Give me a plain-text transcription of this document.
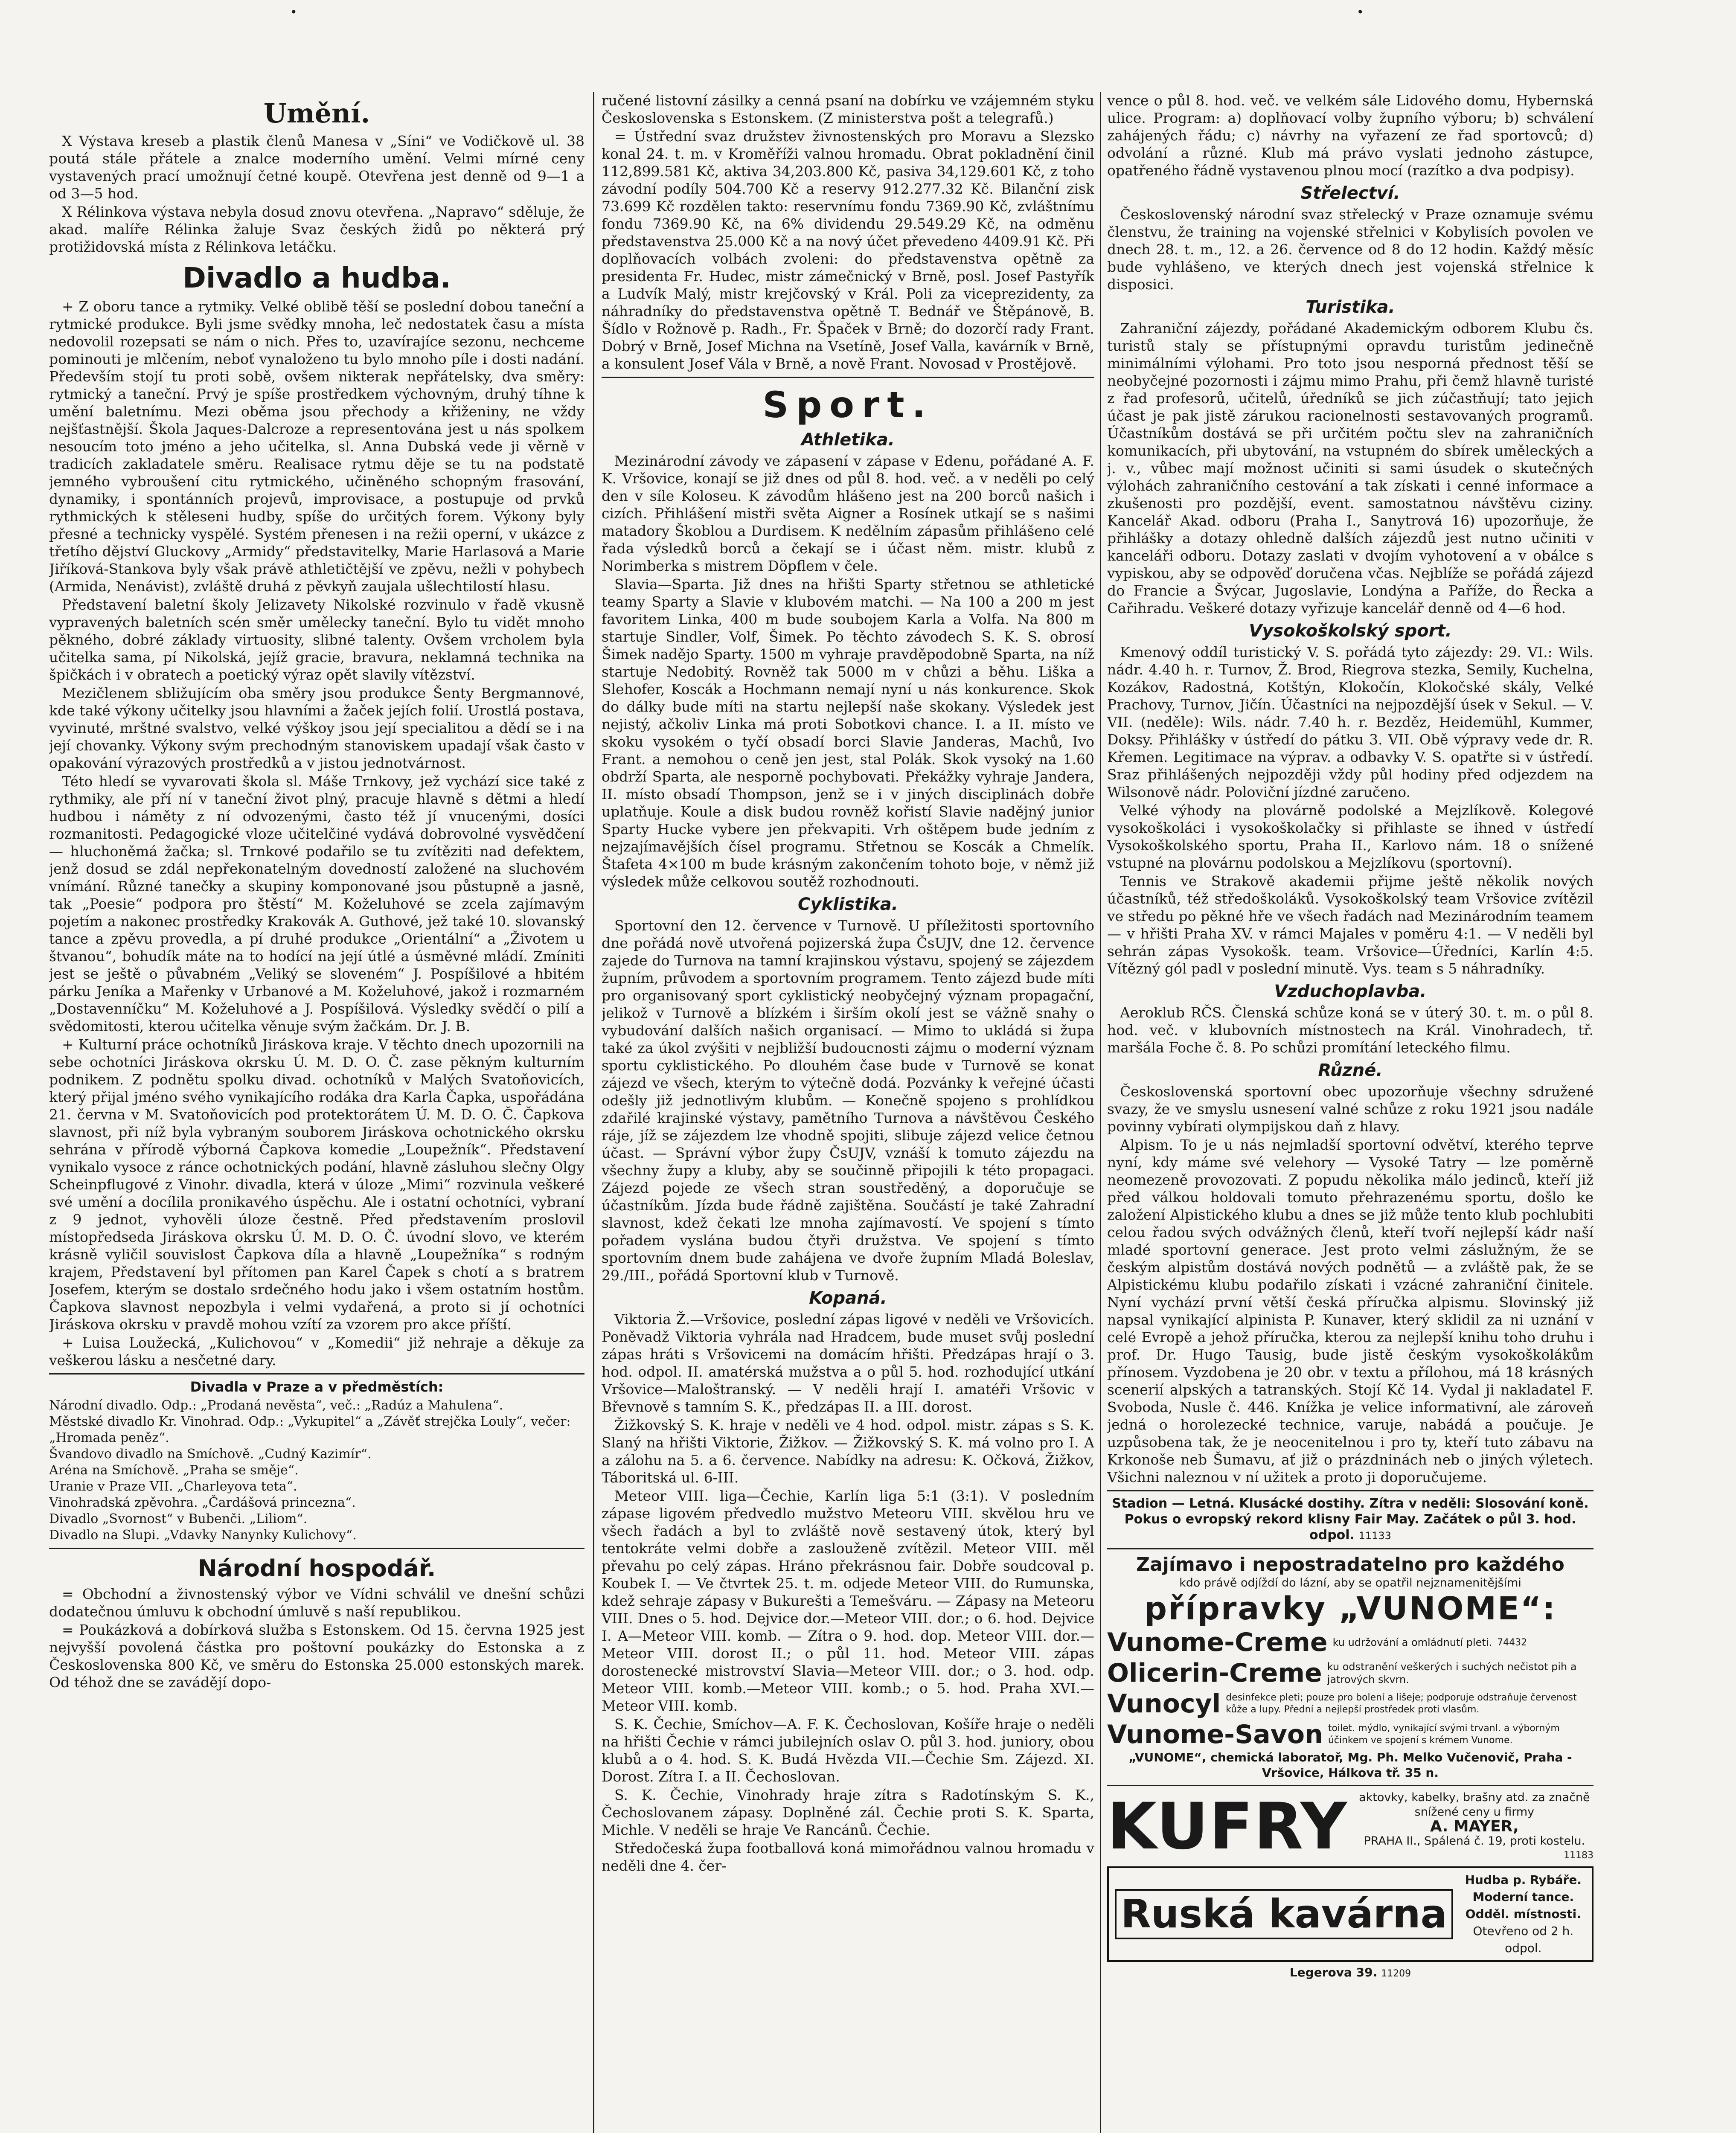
•	•
Umění.

X Výstava kreseb a plastik členů Manesa v „Síni“ ve Vodičkově ul. 38 poutá stále přátele a znalce moderního umění. Velmi mírné ceny vystavených prací umožnují četné koupě. Otevřena jest denně od 9—1 a od 3—5 hod.

X Rélinkova výstava nebyla dosud znovu otevřena. „Napravo“ sděluje, že akad. malíře Rélinka žaluje Svaz českých židů po některá prý protižidovská místa z Rélinkova letáčku.

Divadlo a hudba.

+ Z oboru tance a rytmiky. Velké oblibě těší se poslední dobou taneční a rytmické produkce. Byli jsme svědky mnoha, leč nedostatek času a místa nedovolil rozepsati se nám o nich. Přes to, uzavírajíce sezonu, nechceme pominouti je mlčením, neboť vynaloženo tu bylo mnoho píle i dosti nadání. Především stojí tu proti sobě, ovšem nikterak nepřátelsky, dva směry: rytmický a taneční. Prvý je spíše prostředkem výchovným, druhý tíhne k umění baletnímu. Mezi oběma jsou přechody a křiženiny, ne vždy nejšťastnější. Škola Jaques-Dalcroze a representována jest u nás spolkem nesoucím toto jméno a jeho učitelka, sl. Anna Dubská vede ji věrně v tradicích zakladatele směru. Realisace rytmu děje se tu na podstatě jemného vybroušení citu rytmického, učiněného schopným frasování, dynamiky, i spontánních projevů, improvisace, a postupuje od prvků rythmických k stěleseni hudby, spíše do určitých forem. Výkony byly přesné a technicky vyspělé. Systém přenesen i na režii operní, v ukázce z třetího dějství Gluckovy „Armidy“ představitelky, Marie Harlasová a Marie Jiříková-Stankova byly však právě athletičtější ve zpěvu, nežli v pohybech (Armida, Nenávist), zvláště druhá z pěvkyň zaujala ušlechtilostí hlasu.

Představení baletní školy Jelizavety Nikolské rozvinulo v řadě vkusně vypravených baletních scén směr umělecky taneční. Bylo tu vidět mnoho pěkného, dobré základy virtuosity, slibné talenty. Ovšem vrcholem byla učitelka sama, pí Nikolská, jejíž gracie, bravura, neklamná technika na špičkách i v obratech a poetický výraz opět slavily vítězství.

Mezičlenem sbližujícím oba směry jsou produkce Šenty Bergmannové, kde také výkony učitelky jsou hlavními a žaček jejích folií. Urostlá postava, vyvinuté, mrštné svalstvo, velké výškoy jsou její specialitou a dědí se i na její chovanky. Výkony svým prechodným stanoviskem upadají však často v opakování výrazových prostředků a v jistou jednotvárnost.

Této hledí se vyvarovati škola sl. Máše Trnkovy, jež vychází sice také z rythmiky, ale pří ní v taneční život plný, pracuje hlavně s dětmi a hledí hudbou i náměty z ní odvozenými, často též jí vnucenými, dosíci rozmanitosti. Pedagogické vloze učitelčiné vydává dobrovolné vysvědčení — hluchoněmá žačka; sl. Trnkové podařilo se tu zvítěziti nad defektem, jenž dosud se zdál nepřekonatelným dovedností založené na sluchovém vnímání. Různé tanečky a skupiny komponované jsou půstupně a jasně, tak „Poesie“ podpora pro štěstí“ M. Koželuhové se zcela zajímavým pojetím a nakonec prostředky Krakovák A. Guthové, jež také 10. slovanský tance a zpěvu provedla, a pí druhé produkce „Orientální“ a „Životem u štvanou“, bohudík máte na to hodící na její útlé a úsměvné mládí. Zmíniti jest se ještě o půvabném „Veliký se sloveném“ J. Pospíšilové a hbitém párku Jeníka a Mařenky v Urbanové a M. Koželuhové, jakož i rozmarném „Dostavenníčku“ M. Koželuhové a J. Pospíšilová. Výsledky svědčí o pilí a svědomitosti, kterou učitelka věnuje svým žačkám. Dr. J. B.

+ Kulturní práce ochotníků Jiráskova kraje. V těchto dnech upozornili na sebe ochotníci Jiráskova okrsku Ú. M. D. O. Č. zase pěkným kulturním podnikem. Z podnětu spolku divad. ochotníků v Malých Svatoňovicích, který přijal jméno svého vynikajícího rodáka dra Karla Čapka, uspořádána 21. června v M. Svatoňovicích pod protektorátem Ú. M. D. O. Č. Čapkova slavnost, při níž byla vybraným souborem Jiráskova ochotnického okrsku sehrána v přírodě výborná Čapkova komedie „Loupežník“. Představení vynikalo vysoce z ránce ochotnických podání, hlavně zásluhou slečny Olgy Scheinpflugové z Vinohr. divadla, která v úloze „Mimi“ rozvinula veškeré své umění a docílila pronikavého úspěchu. Ale i ostatní ochotníci, vybraní z 9 jednot, vyhověli úloze čestně. Před představením proslovil místopředseda Jiráskova okrsku Ú. M. D. O. Č. úvodní slovo, ve kterém krásně vyličil souvislost Čapkova díla a hlavně „Loupežníka“ s rodným krajem, Představení byl přítomen pan Karel Čapek s chotí a s bratrem Josefem, kterým se dostalo srdečného hodu jako i všem ostatním hostům. Čapkova slavnost nepozbyla i velmi vydařená, a proto si jí ochotníci Jiráskova okrsku v pravdě mohou vzítí za vzorem pro akce příští.

+ Luisa Loužecká, „Kulichovou“ v „Komedii“ již nehraje a děkuje za veškerou lásku a nesčetné dary.

Divadla v Praze a v předměstích:

Národní divadlo. Odp.: „Prodaná nevěsta“, več.: „Radúz a Mahulena“.

Městské divadlo Kr. Vinohrad. Odp.: „Vykupitel“ a „Závěť strejčka Louly“, večer: „Hromada peněz“.

Švandovo divadlo na Smíchově. „Cudný Kazimír“.

Aréna na Smíchově. „Praha se směje“.

Uranie v Praze VII. „Charleyova teta“.

Vinohradská zpěvohra. „Čardášová princezna“.

Divadlo „Svornost“ v Bubenči. „Liliom“.

Divadlo na Slupi. „Vdavky Nanynky Kulichovy“.

Národní hospodář.

= Obchodní a živnostenský výbor ve Vídni schválil ve dnešní schůzi dodatečnou úmluvu k obchodní úmluvě s naší republikou.

= Poukázková a dobírková služba s Estonskem. Od 15. června 1925 jest nejvyšší povolená částka pro poštovní poukázky do Estonska a z Československa 800 Kč, ve směru do Estonska 25.000 estonských marek. Od téhož dne se zavádějí dopo-

ručené listovní zásilky a cenná psaní na dobírku ve vzájemném styku Československa s Estonskem. (Z ministerstva pošt a telegrafů.)

= Ústřední svaz družstev živnostenských pro Moravu a Slezsko konal 24. t. m. v Kroměříži valnou hromadu. Obrat pokladnění činil 112,899.581 Kč, aktiva 34,203.800 Kč, pasiva 34,129.601 Kč, z toho závodní podíly 504.700 Kč a reservy 912.277.32 Kč. Bilanční zisk 73.699 Kč rozdělen takto: reservnímu fondu 7369.90 Kč, zvláštnímu fondu 7369.90 Kč, na 6% dividendu 29.549.29 Kč, na odměnu představenstva 25.000 Kč a na nový účet převedeno 4409.91 Kč. Při doplňovacích volbách zvoleni: do představenstva opětně za presidenta Fr. Hudec, mistr zámečnický v Brně, posl. Josef Pastyřík a Ludvík Malý, mistr krejčovský v Král. Poli za viceprezidenty, za náhradníky do představenstva opětně T. Bednář ve Štěpánově, B. Šídlo v Rožnově p. Radh., Fr. Špaček v Brně; do dozorčí rady Frant. Dobrý v Brně, Josef Michna na Vsetíně, Josef Valla, kavárník v Brně, a konsulent Josef Vála v Brně, a nově Frant. Novosad v Prostějově.

Sport.
Athletika.

Mezinárodní závody ve zápasení v zápase v Edenu, pořádané A. F. K. Vršovice, konají se již dnes od půl 8. hod. več. a v neděli po celý den v síle Koloseu. K závodům hlášeno jest na 200 borců našich i cizích. Přihlášení mistři světa Aigner a Rosínek utkají se s našimi matadory Škoblou a Durdisem. K nedělním zápasům přihlášeno celé řada výsledků borců a čekají se i účast něm. mistr. klubů z Norimberka s mistrem Döpflem v čele.

Slavia—Sparta. Již dnes na hřišti Sparty střetnou se athletické teamy Sparty a Slavie v klubovém matchi. — Na 100 a 200 m jest favoritem Linka, 400 m bude soubojem Karla a Volfa. Na 800 m startuje Sindler, Volf, Šimek. Po těchto závodech S. K. S. obrosí Šimek nadějo Sparty. 1500 m vyhraje pravděpodobně Sparta, na níž startuje Nedobitý. Rovněž tak 5000 m v chůzi a běhu. Liška a Slehofer, Koscák a Hochmann nemají nyní u nás konkurence. Skok do dálky bude míti na startu nejlepší naše skokany. Výsledek jest nejistý, ačkoliv Linka má proti Sobotkovi chance. I. a II. místo ve skoku vysokém o tyčí obsadí borci Slavie Janderas, Machů, Ivo Frant. a nemohou o ceně jen jest, stal Polák. Skok vysoký na 1.60 obdrží Sparta, ale nesporně pochybovati. Překážky vyhraje Jandera, II. místo obsadí Thompson, jenž se i v jiných disciplinách dobře uplatňuje. Koule a disk budou rovněž kořistí Slavie nadějný junior Sparty Hucke vybere jen překvapiti. Vrh oštěpem bude jedním z nejzajímavějších čísel programu. Střetnou se Koscák a Chmelík. Štafeta 4×100 m bude krásným zakončením tohoto boje, v němž již výsledek může celkovou soutěž rozhodnouti.

Cyklistika.

Sportovní den 12. července v Turnově. U příležitosti sportovního dne pořádá nově utvořená pojizerská župa ČsUJV, dne 12. července zajede do Turnova na tamní krajinskou výstavu, spojený se zájezdem župním, průvodem a sportovním programem. Tento zájezd bude míti pro organisovaný sport cyklistický neobyčejný význam propagační, jelikož v Turnově a blízkém i širším okolí jest se vážně snahy o vybudování dalších našich organisací. — Mimo to ukládá si župa také za úkol zvýšiti v nejbližší budoucnosti zájmu o moderní význam sportu cyklistického. Po dlouhém čase bude v Turnově se konat zájezd ve všech, kterým to výtečně dodá. Pozvánky k veřejné účasti odešly již jednotlivým klubům. — Konečně spojeno s prohlídkou zdařilé krajinské výstavy, pamětního Turnova a návštěvou Českého ráje, jíž se zájezdem lze vhodně spojiti, slibuje zájezd velice četnou účast. — Správní výbor župy ČsUJV, vznáší k tomuto zájezdu na všechny župy a kluby, aby se součinně připojili k této propagaci. Zájezd pojede ze všech stran soustředěný, a doporučuje se účastníkům. Jízda bude řádně zajištěna. Součástí je také Zahradní slavnost, kdež čekati lze mnoha zajímavostí. Ve spojení s tímto pořadem vyslána budou čtyři družstva. Ve spojení s tímto sportovním dnem bude zahájena ve dvoře župním Mladá Boleslav, 29./III., pořádá Sportovní klub v Turnově.

Kopaná.

Viktoria Ž.—Vršovice, poslední zápas ligové v neděli ve Vršovicích. Poněvadž Viktoria vyhrála nad Hradcem, bude muset svůj poslední zápas hráti s Vršovicemi na domácím hřišti. Předzápas hrají o 3. hod. odpol. II. amatérská mužstva a o půl 5. hod. rozhodující utkání Vršovice—Maloštranský. — V neděli hrají I. amatéři Vršovic v Břevnově s tamním S. K., předzápas II. a III. dorost.

Žižkovský S. K. hraje v neděli ve 4 hod. odpol. mistr. zápas s S. K. Slaný na hřišti Viktorie, Žižkov. — Žižkovský S. K. má volno pro I. A a zálohu na 5. a 6. července. Nabídky na adresu: K. Očková, Žižkov, Táboritská ul. 6-III.

Meteor VIII. liga—Čechie, Karlín liga 5:1 (3:1). V posledním zápase ligovém předvedlo mužstvo Meteoru VIII. skvělou hru ve všech řadách a byl to zvláště nově sestavený útok, který byl tentokráte velmi dobře a zaslouženě zvítězil. Meteor VIII. měl převahu po celý zápas. Hráno překrásnou fair. Dobře soudcoval p. Koubek I. — Ve čtvrtek 25. t. m. odjede Meteor VIII. do Rumunska, kdež sehraje zápasy v Bukurešti a Temešváru. — Zápasy na Meteoru VIII. Dnes o 5. hod. Dejvice dor.—Meteor VIII. dor.; o 6. hod. Dejvice I. A—Meteor VIII. komb. — Zítra o 9. hod. dop. Meteor VIII. dor.—Meteor VIII. dorost II.; o půl 11. hod. Meteor VIII. zápas dorostenecké mistrovství Slavia—Meteor VIII. dor.; o 3. hod. odp. Meteor VIII. komb.—Meteor VIII. komb.; o 5. hod. Praha XVI.—Meteor VIII. komb.

S. K. Čechie, Smíchov—A. F. K. Čechoslovan, Košíře hraje o neděli na hřišti Čechie v rámci jubilejních oslav O. půl 3. hod. juniory, obou klubů a o 4. hod. S. K. Budá Hvězda VII.—Čechie Sm. Zájezd. XI. Dorost. Zítra I. a II. Čechoslovan.

S. K. Čechie, Vinohrady hraje zítra s Radotínským S. K., Čechoslovanem zápasy. Doplněné zál. Čechie proti S. K. Sparta, Michle. V neděli se hraje Ve Rancánů. Čechie.

Středočeská župa footballová koná mimořádnou valnou hromadu v neděli dne 4. čer-

vence o půl 8. hod. več. ve velkém sále Lidového domu, Hybernská ulice. Program: a) doplňovací volby župního výboru; b) schválení zahájených řádu; c) návrhy na vyřazení ze řad sportovců; d) odvolání a různé. Klub má právo vyslati jednoho zástupce, opatřeného řádně vystavenou plnou mocí (razítko a dva podpisy).

Střelectví.

Československý národní svaz střelecký v Praze oznamuje svému členstvu, že training na vojenské střelnici v Kobylisích povolen ve dnech 28. t. m., 12. a 26. července od 8 do 12 hodin. Každý měsíc bude vyhlášeno, ve kterých dnech jest vojenská střelnice k disposici.

Turistika.

Zahraniční zájezdy, pořádané Akademickým odborem Klubu čs. turistů staly se přístupnými opravdu turistům jedinečně minimálními výlohami. Pro toto jsou nesporná přednost těší se neobyčejné pozornosti i zájmu mimo Prahu, při čemž hlavně turisté z řad profesorů, učitelů, úředníků se jich zúčastňují; tato jejich účast je pak jistě zárukou racionelnosti sestavovaných programů. Účastníkům dostává se při určitém počtu slev na zahraničních komunikacích, při ubytování, na vstupném do sbírek uměleckých a j. v., vůbec mají možnost učiniti si sami úsudek o skutečných výlohách zahraničního cestování a tak získati i cenné informace a zkušenosti pro pozdější, event. samostatnou návštěvu ciziny. Kancelář Akad. odboru (Praha I., Sanytrová 16) upozorňuje, že přihlášky a dotazy ohledně dalších zájezdů jest nutno učiniti v kanceláři odboru. Dotazy zaslati v dvojím vyhotovení a v obálce s vypiskou, aby se odpověď doručena včas. Nejblíže se pořádá zájezd do Francie a Švýcar, Jugoslavie, Londýna a Paříže, do Řecka a Cařihradu. Veškeré dotazy vyřizuje kancelář denně od 4—6 hod.

Vysokoškolský sport.

Kmenový oddíl turistický V. S. pořádá tyto zájezdy: 29. VI.: Wils. nádr. 4.40 h. r. Turnov, Ž. Brod, Riegrova stezka, Semily, Kuchelna, Kozákov, Radostná, Kotštýn, Klokočín, Klokočské skály, Velké Prachovy, Turnov, Jičín. Účastníci na nejpozdější úsek v Sekul. — V. VII. (neděle): Wils. nádr. 7.40 h. r. Bezděz, Heidemühl, Kummer, Doksy. Přihlášky v ústředí do pátku 3. VII. Obě výpravy vede dr. R. Křemen. Legitimace na výprav. a odbavky V. S. opatřte si v ústředí. Sraz přihlášených nejpozději vždy půl hodiny před odjezdem na Wilsonově nádr. Poloviční jízdné zaručeno.

Velké výhody na plovárně podolské a Mejzlíkově. Kolegové vysokoškoláci i vysokoškolačky si přihlaste se ihned v ústředí Vysokoškolského sportu, Praha II., Karlovo nám. 18 o snížené vstupné na plovárnu podolskou a Mejzlíkovu (sportovní).

Tennis ve Strakově akademii přijme ještě několik nových účastníků, též středoškoláků. Vysokoškolský team Vršovice zvítězil ve středu po pěkné hře ve všech řadách nad Mezinárodním teamem — v hřišti Praha XV. v rámci Majales v poměru 4:1. — V neděli byl sehrán zápas Vysokošk. team. Vršovice—Úředníci, Karlín 4:5. Vítězný gól padl v poslední minutě. Vys. team s 5 náhradníky.

Vzduchoplavba.

Aeroklub RČS. Členská schůze koná se v úterý 30. t. m. o půl 8. hod. več. v klubovních místnostech na Král. Vinohradech, tř. maršála Foche č. 8. Po schůzi promítání leteckého filmu.

Různé.

Československá sportovní obec upozorňuje všechny sdružené svazy, že ve smyslu usnesení valné schůze z roku 1921 jsou nadále povinny vybírati olympijskou daň z hlavy.

Alpism. To je u nás nejmladší sportovní odvětví, kterého teprve nyní, kdy máme své velehory — Vysoké Tatry — lze poměrně neomezeně provozovati. Z popudu několika málo jedinců, kteří již před válkou holdovali tomuto přehrazenému sportu, došlo ke založení Alpistického klubu a dnes se již může tento klub pochlubiti celou řadou svých odvážných členů, kteří tvoří nejlepší kádr naší mladé sportovní generace. Jest proto velmi záslužným, že se českým alpistům dostává nových podnětů — a zvláště pak, že se Alpistickému klubu podařilo získati i vzácné zahraniční činitele. Nyní vychází první větší česká příručka alpismu. Slovinský již napsal vynikající alpinista P. Kunaver, který sklidil za ni uznání v celé Evropě a jehož příručka, kterou za nejlepší knihu toho druhu i prof. Dr. Hugo Tausig, bude jistě českým vysokoškolákům přínosem. Vyzdobena je 20 obr. v textu a přílohou, má 18 krásných scenerií alpských a tatranských. Stojí Kč 14. Vydal ji nakladatel F. Svoboda, Nusle č. 446. Knížka je velice informativní, ale zároveň jedná o horolezecké technice, varuje, nabádá a poučuje. Je uzpůsobena tak, že je neocenitelnou i pro ty, kteří tuto zábavu na Krkonoše neb Šumavu, ať již o prázdninách neb o jiných výletech. Všichni naleznou v ní užitek a proto ji doporučujeme.

Stadion — Letná. Klusácké dostihy. Zítra v neděli: Slosování koně. Pokus o evropský rekord klisny Fair May. Začátek o půl 3. hod. odpol. 11133
Zajímavo i nepostradatelno pro každého
kdo právě odjíždí do lázní, aby se opatřil nejznamenitějšími
přípravky „VUNOME“:
Vunome-Creme ku udržování a omládnutí pleti. 74432
Olicerin-Creme ku odstranění veškerých i suchých nečistot pih a jatrových skvrn.
Vunocyl desinfekce pleti; pouze pro bolení a lišeje; podporuje odstraňuje červenost kůže a lupy. Přední a nejlepší prostředek proti vlasům.
Vunome-Savon toilet. mýdlo, vynikající svými trvanl. a výborným účinkem ve spojení s krémem Vunome.
„VUNOME“, chemická laboratoř, Mg. Ph. Melko Vučenovič, Praha - Vršovice, Hálkova tř. 35 n.
KUFRY aktovky, kabelky, brašny atd. za značně snížené ceny u firmy
A. MAYER,
PRAHA II., Spálená č. 19, proti kostelu.
11183
Ruská kavárna
Hudba p. Rybáře.
Moderní tance.
Odděl. místnosti.
Otevřeno od 2 h. odpol.
Legerova 39. 11209
